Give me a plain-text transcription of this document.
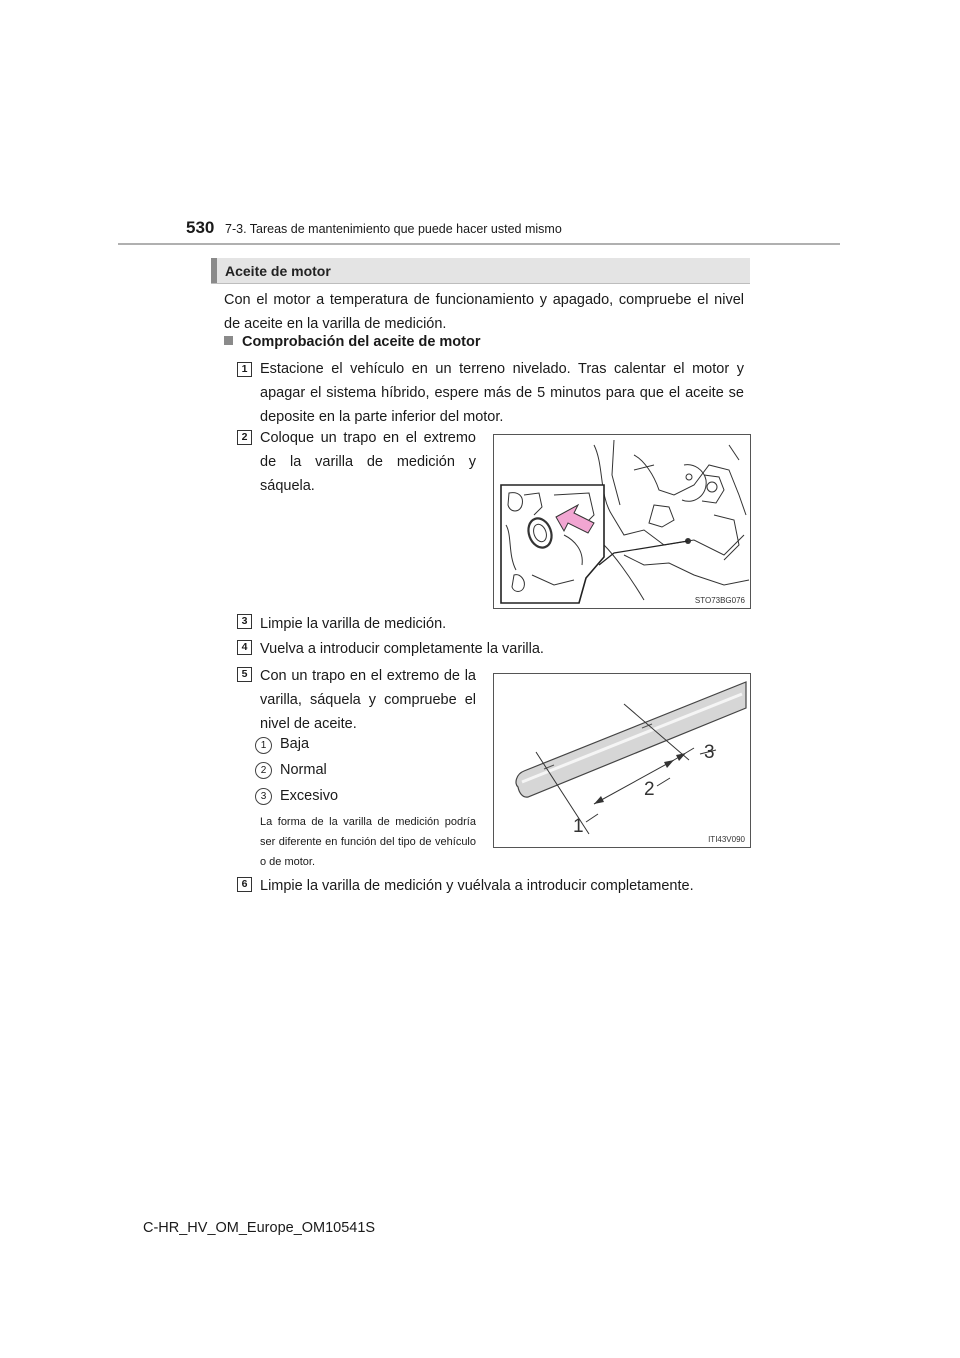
530 7-3. Tareas de mantenimiento que puede hacer usted mismo
Aceite de motor
Con el motor a temperatura de funcionamiento y apagado, compruebe el nivel de aceite en la varilla de medición.
Comprobación del aceite de motor
1 Estacione el vehículo en un terreno nivelado. Tras calentar el motor y apagar el sistema híbrido, espere más de 5 minutos para que el aceite se deposite en la parte inferior del motor.
2 Coloque un trapo en el extremo de la varilla de medición y sáquela.
STO73BG076
3 Limpie la varilla de medición.
4 Vuelva a introducir completamente la varilla.
5 Con un trapo en el extremo de la varilla, sáquela y compruebe el nivel de aceite.
1 Baja
2 Normal
3 Excesivo
La forma de la varilla de medición podría ser diferente en función del tipo de vehículo o de motor.
1
2
3
ITI43V090
6 Limpie la varilla de medición y vuélvala a introducir completamente.
C-HR_HV_OM_Europe_OM10541S
